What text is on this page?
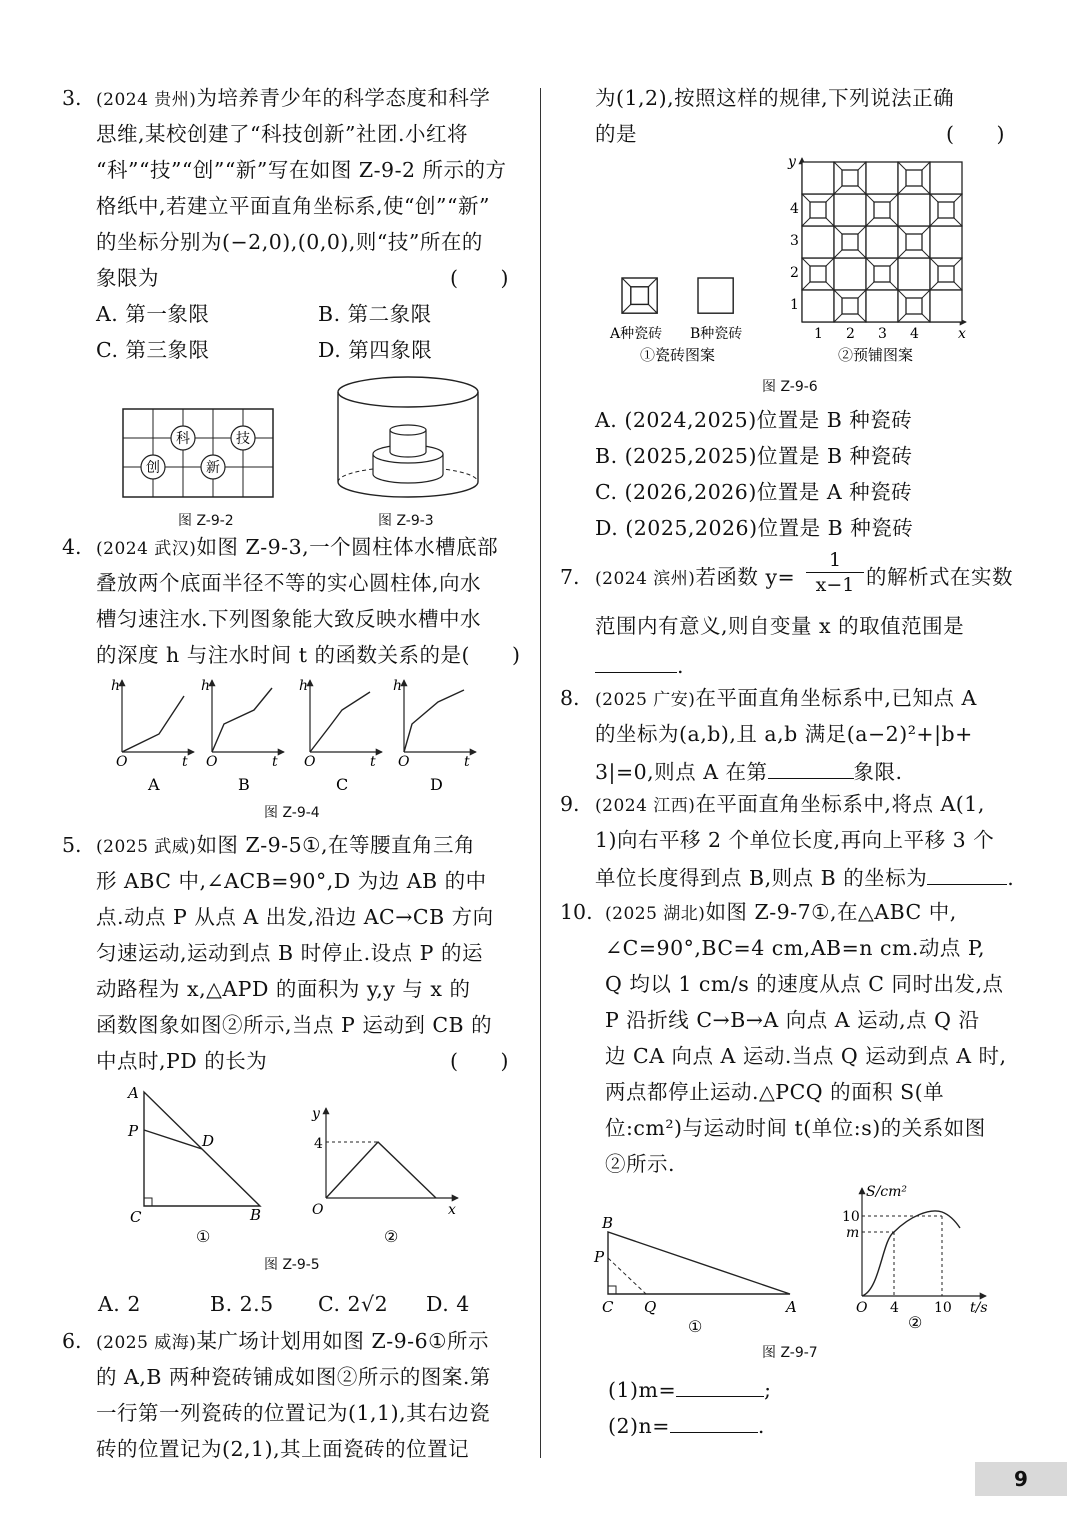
3. (2024 贵州)为培养青少年的科学态度和科学
思维,某校创建了“科技创新”社团.小红将
“科”“技”“创”“新”写在如图 Z-9-2 所示的方
格纸中,若建立平面直角坐标系,使“创”“新”
的坐标分别为(−2,0),(0,0),则“技”所在的
象限为	(　　)
A. 第一象限	B. 第二象限
C. 第三象限	D. 第四象限
科	技
创	新
图 Z-9-2	图 Z-9-3
4. (2024 武汉)如图 Z-9-3,一个圆柱体水槽底部
叠放两个底面半径不等的实心圆柱体,向水
槽匀速注水.下列图象能大致反映水槽中水
的深度 h 与注水时间 t 的函数关系的是(　　)
h
O	t
A
h
O	t
B
h
O	t
C
h
O	t
D
图 Z-9-4
5. (2025 武威)如图 Z-9-5①,在等腰直角三角
形 ABC 中,∠ACB=90°,D 为边 AB 的中
点.动点 P 从点 A 出发,沿边 AC→CB 方向
匀速运动,运动到点 B 时停止.设点 P 的运
动路程为 x,△APD 的面积为 y,y 与 x 的
函数图象如图②所示,当点 P 运动到 CB 的
中点时,PD 的长为	(　　)
A
P
D
C	B
①
y
4
O	x
②
图 Z-9-5
A. 2	B. 2.5 C. 2√2 D. 4
6. (2025 威海)某广场计划用如图 Z-9-6①所示
的 A,B 两种瓷砖铺成如图②所示的图案.第
一行第一列瓷砖的位置记为(1,1),其右边瓷
砖的位置记为(2,1),其上面瓷砖的位置记
为(1,2),按照这样的规律,下列说法正确
的是	(　　)
A种瓷砖 B种瓷砖
①瓷砖图案
y
4
3
2
1
1 2 3 4	x
②预铺图案
图 Z-9-6
A. (2024,2025)位置是 B 种瓷砖
B. (2025,2025)位置是 B 种瓷砖
C. (2026,2026)位置是 A 种瓷砖
D. (2025,2026)位置是 B 种瓷砖
7. (2024 滨州)若函数 $y= \frac{1}{x-1}$ 的解析式在实数
范围内有意义,则自变量 x 的取值范围是
.
8. (2025 广安)在平面直角坐标系中,已知点 A
的坐标为(a,b),且 a,b 满足(a−2)²+|b+
3|=0,则点 A 在第	象限.
9. (2024 江西)在平面直角坐标系中,将点 A(1,
1)向右平移 2 个单位长度,再向上平移 3 个
单位长度得到点 B,则点 B 的坐标为	.
10. (2025 湖北)如图 Z-9-7①,在△ABC 中,
∠C=90°,BC=4 cm,AB=n cm.动点 P,
Q 均以 1 cm/s 的速度从点 C 同时出发,点
P 沿折线 C→B→A 向点 A 运动,点 Q 沿
边 CA 向点 A 运动.当点 Q 运动到点 A 时,
两点都停止运动.△PCQ 的面积 S(单
位:cm²)与运动时间 t(单位:s)的关系如图
②所示.
B
P
C Q	A
①
S/cm²
10
m
O 4	10 t/s
②
图 Z-9-7
(1)m=	;
(2)n=	.
9
